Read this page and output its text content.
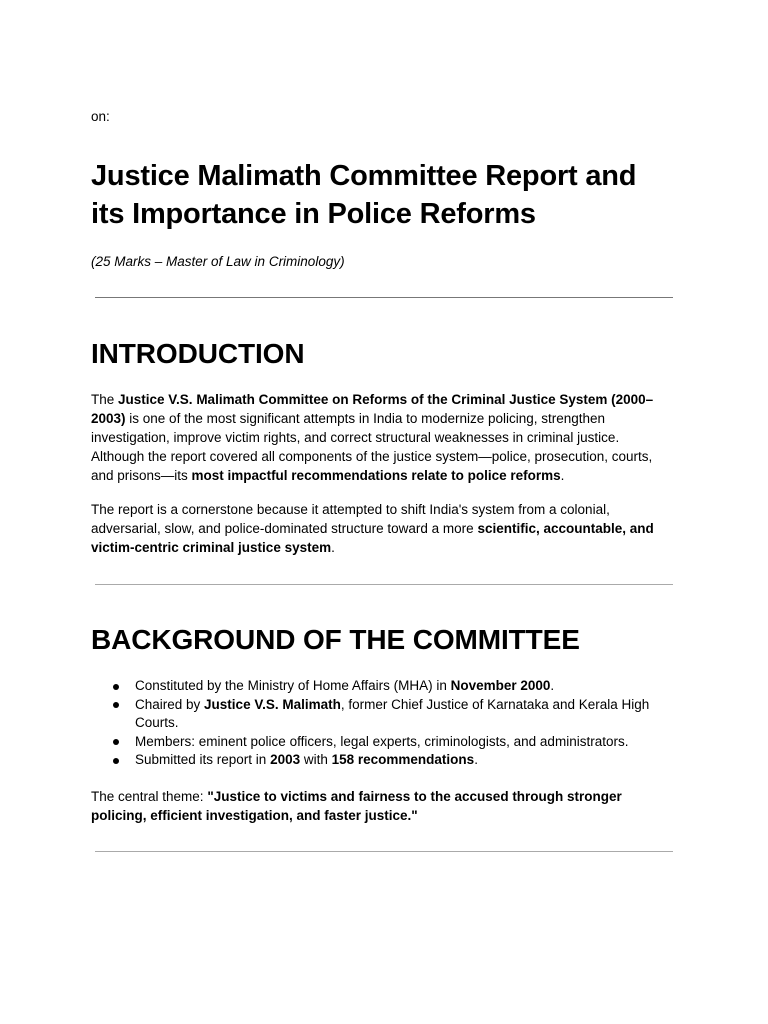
on:

Justice Malimath Committee Report and its Importance in Police Reforms

(25 Marks – Master of Law in Criminology)

INTRODUCTION

The Justice V.S. Malimath Committee on Reforms of the Criminal Justice System (2000–2003) is one of the most significant attempts in India to modernize policing, strengthen investigation, improve victim rights, and correct structural weaknesses in criminal justice. Although the report covered all components of the justice system—police, prosecution, courts, and prisons—its most impactful recommendations relate to police reforms.

The report is a cornerstone because it attempted to shift India's system from a colonial, adversarial, slow, and police-dominated structure toward a more scientific, accountable, and victim-centric criminal justice system.

BACKGROUND OF THE COMMITTEE
Constituted by the Ministry of Home Affairs (MHA) in November 2000.
Chaired by Justice V.S. Malimath, former Chief Justice of Karnataka and Kerala High Courts.
Members: eminent police officers, legal experts, criminologists, and administrators.
Submitted its report in 2003 with 158 recommendations.

The central theme: "Justice to victims and fairness to the accused through stronger policing, efficient investigation, and faster justice."
